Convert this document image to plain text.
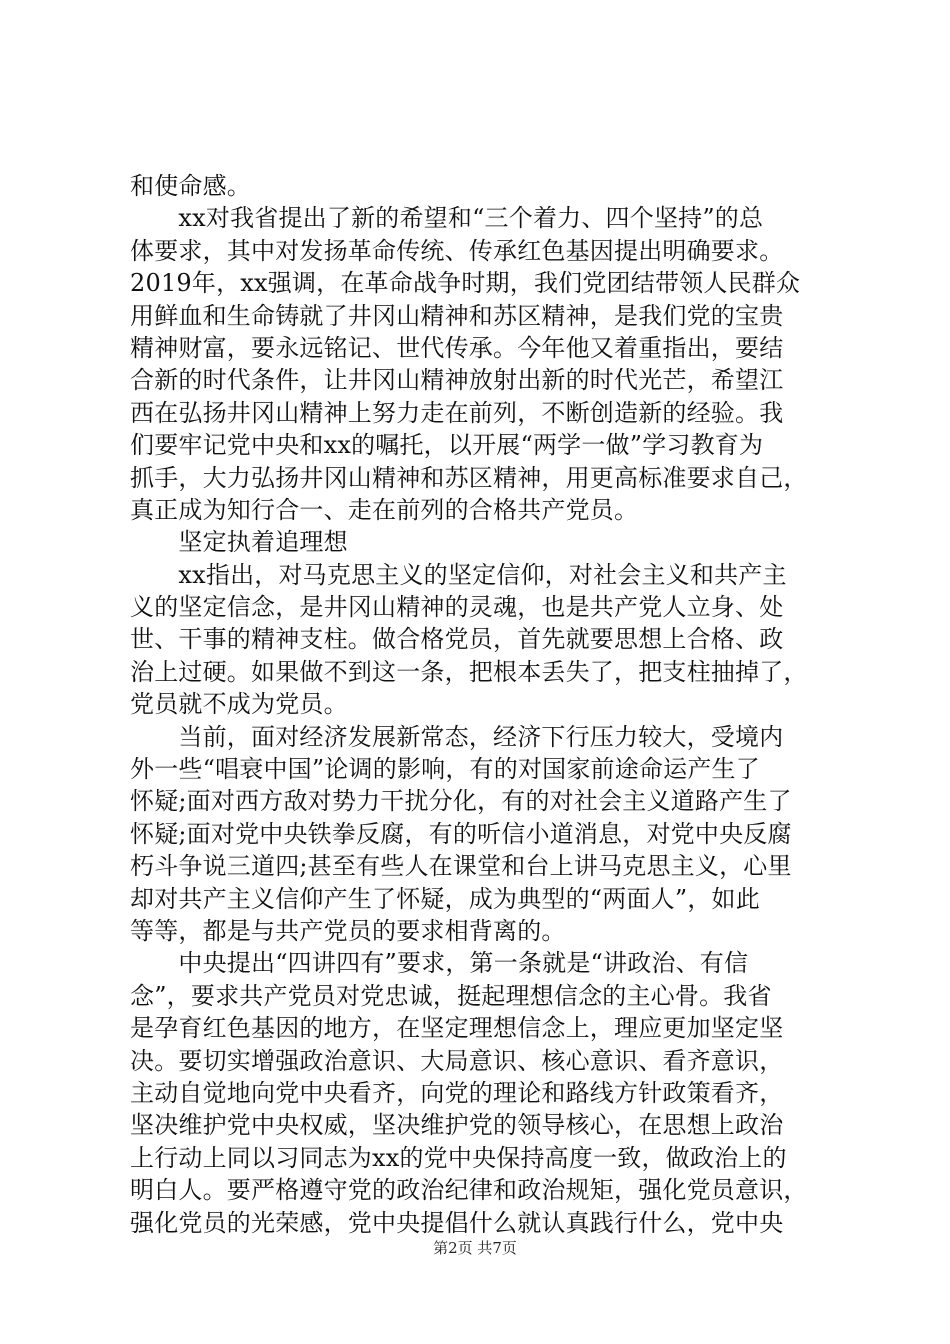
和使命感。
　　xx对我省提出了新的希望和“三个着力、四个坚持”的总
体要求，其中对发扬革命传统、传承红色基因提出明确要求。
2019年，xx强调，在革命战争时期，我们党团结带领人民群众
用鲜血和生命铸就了井冈山精神和苏区精神，是我们党的宝贵
精神财富，要永远铭记、世代传承。今年他又着重指出，要结
合新的时代条件，让井冈山精神放射出新的时代光芒，希望江
西在弘扬井冈山精神上努力走在前列，不断创造新的经验。我
们要牢记党中央和xx的嘱托，以开展“两学一做”学习教育为
抓手，大力弘扬井冈山精神和苏区精神，用更高标准要求自己，
真正成为知行合一、走在前列的合格共产党员。
　　坚定执着追理想
　　xx指出，对马克思主义的坚定信仰，对社会主义和共产主
义的坚定信念，是井冈山精神的灵魂，也是共产党人立身、处
世、干事的精神支柱。做合格党员，首先就要思想上合格、政
治上过硬。如果做不到这一条，把根本丢失了，把支柱抽掉了，
党员就不成为党员。
　　当前，面对经济发展新常态，经济下行压力较大，受境内
外一些“唱衰中国”论调的影响，有的对国家前途命运产生了
怀疑;面对西方敌对势力干扰分化，有的对社会主义道路产生了
怀疑;面对党中央铁拳反腐，有的听信小道消息，对党中央反腐
朽斗争说三道四;甚至有些人在课堂和台上讲马克思主义，心里
却对共产主义信仰产生了怀疑，成为典型的“两面人”，如此
等等，都是与共产党员的要求相背离的。
　　中央提出“四讲四有”要求，第一条就是“讲政治、有信
念”，要求共产党员对党忠诚，挺起理想信念的主心骨。我省
是孕育红色基因的地方，在坚定理想信念上，理应更加坚定坚
决。要切实增强政治意识、大局意识、核心意识、看齐意识，
主动自觉地向党中央看齐，向党的理论和路线方针政策看齐，
坚决维护党中央权威，坚决维护党的领导核心，在思想上政治
上行动上同以习同志为xx的党中央保持高度一致，做政治上的
明白人。要严格遵守党的政治纪律和政治规矩，强化党员意识，
强化党员的光荣感，党中央提倡什么就认真践行什么，党中央
第2页 共7页
